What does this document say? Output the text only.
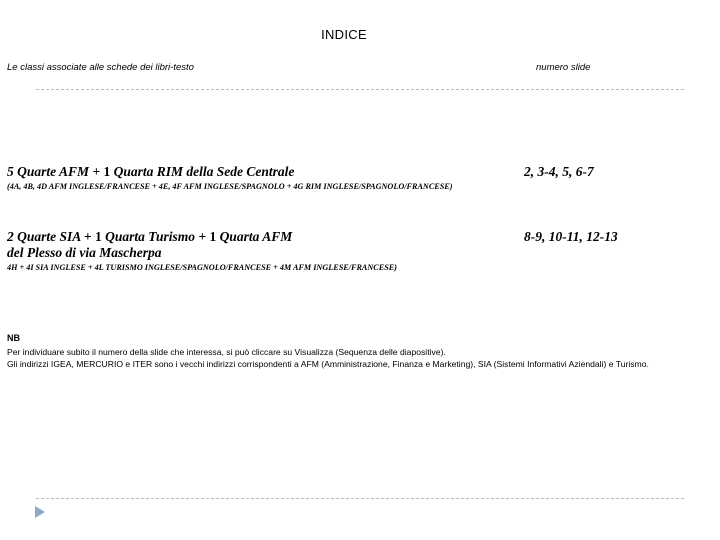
INDICE
Le classi associate alle schede dei libri-testo	numero slide
5 Quarte AFM + 1 Quarta RIM della Sede Centrale	2, 3-4, 5, 6-7
(4A, 4B, 4D AFM INGLESE/FRANCESE + 4E, 4F AFM INGLESE/SPAGNOLO + 4G RIM INGLESE/SPAGNOLO/FRANCESE)
2 Quarte SIA + 1 Quarta Turismo + 1 Quarta AFM
del Plesso di via Mascherpa
8-9, 10-11, 12-13
4H + 4I SIA INGLESE + 4L TURISMO INGLESE/SPAGNOLO/FRANCESE + 4M AFM INGLESE/FRANCESE)
NB

Per individuare subito il numero della slide che interessa, si può cliccare su Visualizza (Sequenza delle diapositive).

Gli indirizzi IGEA, MERCURIO e ITER sono i vecchi indirizzi corrispondenti a AFM (Amministrazione, Finanza e Marketing), SIA (Sistemi Informativi Aziendali) e Turismo.
